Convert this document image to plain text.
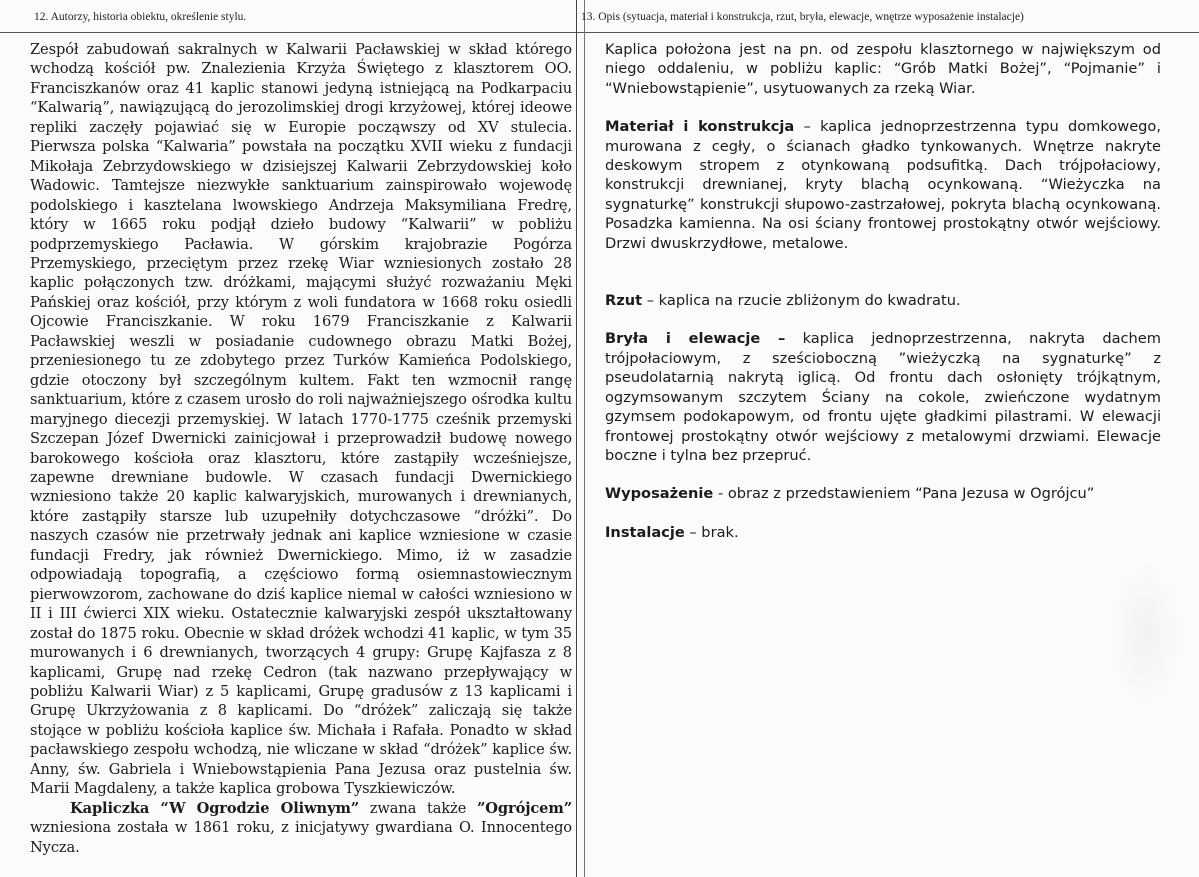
12. Autorzy, historia obiektu, określenie stylu.	13. Opis (sytuacja, materiał i konstrukcja, rzut, bryła, elewacje, wnętrze wyposażenie instalacje)

Zespół zabudowań sakralnych w Kalwarii Pacławskiej w skład którego wchodzą kościół pw. Znalezienia Krzyża Świętego z klasztorem OO. Franciszkanów oraz 41 kaplic stanowi jedyną istniejącą na Podkarpaciu “Kalwarią”, nawiązującą do jerozolimskiej drogi krzyżowej, której ideowe repliki zaczęły pojawiać się w Europie począwszy od XV stulecia. Pierwsza polska “Kalwaria” powstała na początku XVII wieku z fundacji Mikołaja Zebrzydowskiego w dzisiejszej Kalwarii Zebrzydowskiej koło Wadowic. Tamtejsze niezwykłe sanktuarium zainspirowało wojewodę podolskiego i kasztelana lwowskiego Andrzeja Maksymiliana Fredrę, który w 1665 roku podjął dzieło budowy “Kalwarii” w pobliżu podprzemyskiego Pacławia. W górskim krajobrazie Pogórza Przemyskiego, przeciętym przez rzekę Wiar wzniesionych zostało 28 kaplic połączonych tzw. dróżkami, mającymi służyć rozważaniu Męki Pańskiej oraz kościół, przy którym z woli fundatora w 1668 roku osiedli Ojcowie Franciszkanie. W roku 1679 Franciszkanie z Kalwarii Pacławskiej weszli w posiadanie cudownego obrazu Matki Bożej, przeniesionego tu ze zdobytego przez Turków Kamieńca Podolskiego, gdzie otoczony był szczególnym kultem. Fakt ten wzmocnił rangę sanktuarium, które z czasem urosło do roli najważniejszego ośrodka kultu maryjnego diecezji przemyskiej. W latach 1770-1775 cześnik przemyski Szczepan Józef Dwernicki zainicjował i przeprowadził budowę nowego barokowego kościoła oraz klasztoru, które zastąpiły wcześniejsze, zapewne drewniane budowle. W czasach fundacji Dwernickiego wzniesiono także 20 kaplic kalwaryjskich, murowanych i drewnianych, które zastąpiły starsze lub uzupełniły dotychczasowe “dróżki”. Do naszych czasów nie przetrwały jednak ani kaplice wzniesione w czasie fundacji Fredry, jak również Dwernickiego. Mimo, iż w zasadzie odpowiadają topografią, a częściowo formą osiemnastowiecznym pierwowzorom, zachowane do dziś kaplice niemal w całości wzniesiono w II i III ćwierci XIX wieku. Ostatecznie kalwaryjski zespół ukształtowany został do 1875 roku. Obecnie w skład dróżek wchodzi 41 kaplic, w tym 35 murowanych i 6 drewnianych, tworzących 4 grupy: Grupę Kajfasza z 8 kaplicami, Grupę nad rzekę Cedron (tak nazwano przepływający w pobliżu Kalwarii Wiar) z 5 kaplicami, Grupę gradusów z 13 kaplicami i Grupę Ukrzyżowania z 8 kaplicami. Do “dróżek” zaliczają się także stojące w pobliżu kościoła kaplice św. Michała i Rafała. Ponadto w skład pacławskiego zespołu wchodzą, nie wliczane w skład “dróżek” kaplice św. Anny, św. Gabriela i Wniebowstąpienia Pana Jezusa oraz pustelnia św. Marii Magdaleny, a także kaplica grobowa Tyszkiewiczów.

Kapliczka “W Ogrodzie Oliwnym” zwana także ”Ogrójcem” wzniesiona została w 1861 roku, z inicjatywy gwardiana O. Innocentego Nycza.

Kaplica położona jest na pn. od zespołu klasztornego w największym od niego oddaleniu, w pobliżu kaplic: “Grób Matki Bożej”, “Pojmanie” i “Wniebowstąpienie”, usytuowanych za rzeką Wiar.

Materiał i konstrukcja – kaplica jednoprzestrzenna typu domkowego, murowana z cegły, o ścianach gładko tynkowanych. Wnętrze nakryte deskowym stropem z otynkowaną podsufitką. Dach trójpołaciowy, konstrukcji drewnianej, kryty blachą ocynkowaną. “Wieżyczka na sygnaturkę” konstrukcji słupowo-zastrzałowej, pokryta blachą ocynkowaną. Posadzka kamienna. Na osi ściany frontowej prostokątny otwór wejściowy. Drzwi dwuskrzydłowe, metalowe.

Rzut – kaplica na rzucie zbliżonym do kwadratu.

Bryła i elewacje – kaplica jednoprzestrzenna, nakryta dachem trójpołaciowym, z sześcioboczną ”wieżyczką na sygnaturkę” z pseudolatarnią nakrytą iglicą. Od frontu dach osłonięty trójkątnym, ogzymsowanym szczytem Ściany na cokole, zwieńczone wydatnym gzymsem podokapowym, od frontu ujęte gładkimi pilastrami. W elewacji frontowej prostokątny otwór wejściowy z metalowymi drzwiami. Elewacje boczne i tylna bez przepruć.

Wyposażenie - obraz z przedstawieniem “Pana Jezusa w Ogrójcu”

Instalacje – brak.
